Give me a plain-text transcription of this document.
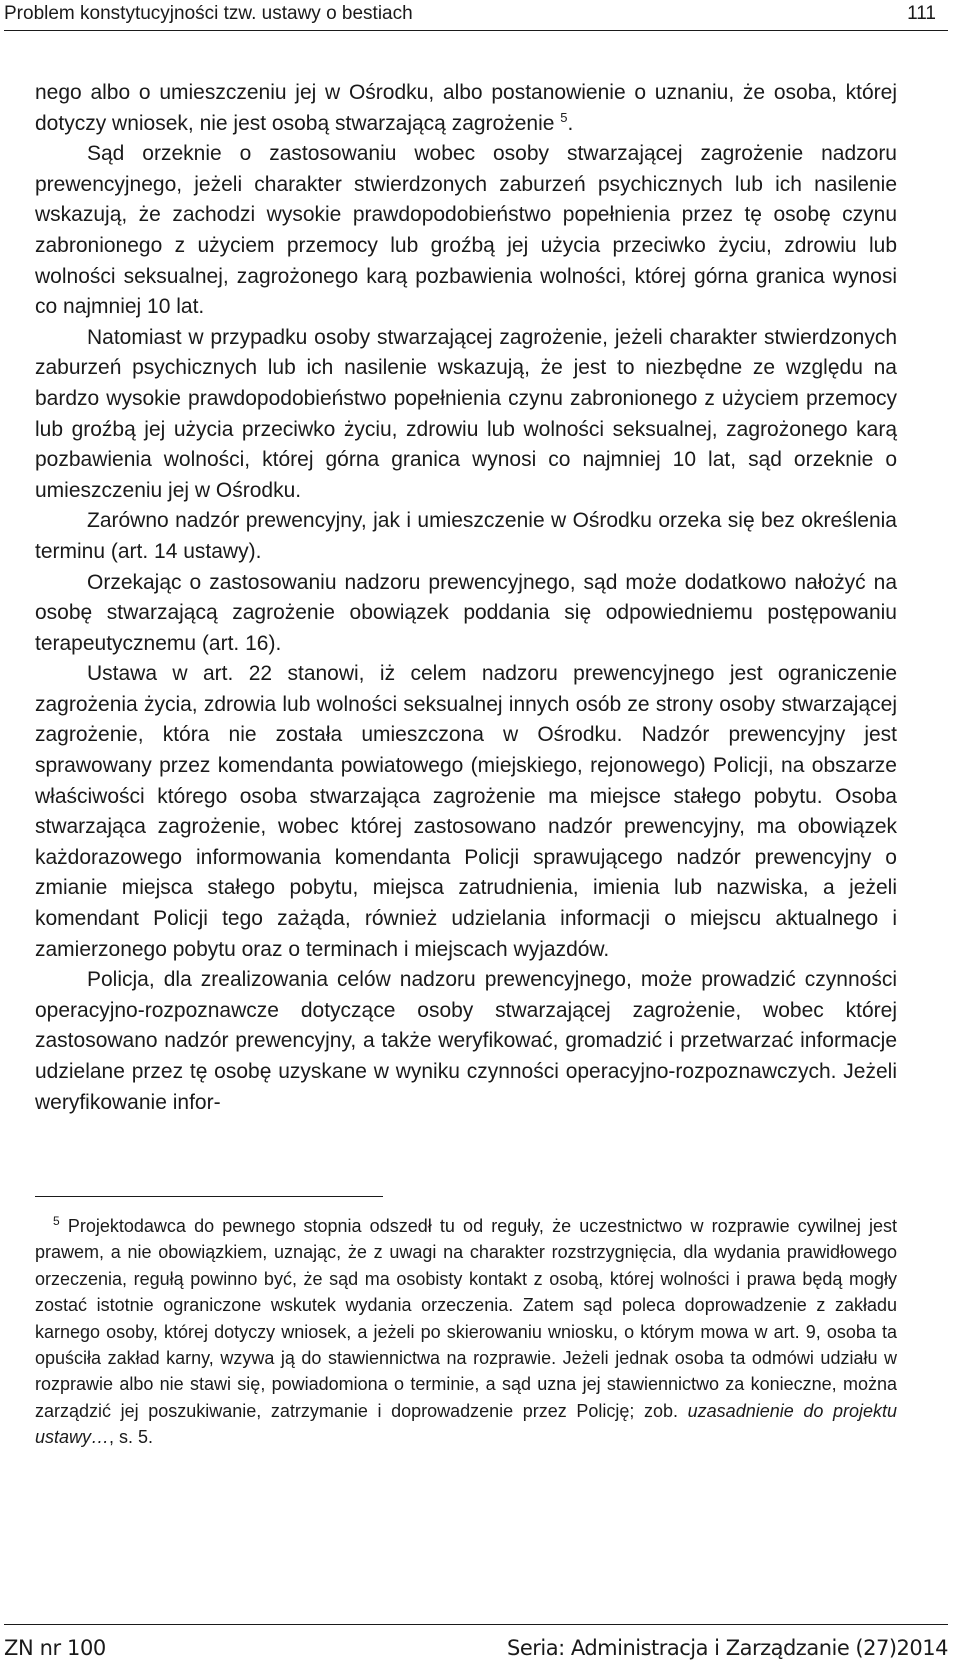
Problem konstytucyjności tzw. ustawy o bestiach	111

nego albo o umieszczeniu jej w Ośrodku, albo postanowienie o uznaniu, że osoba, której dotyczy wniosek, nie jest osobą stwarzającą zagrożenie $^5$.

Sąd orzeknie o zastosowaniu wobec osoby stwarzającej zagrożenie nadzoru prewencyjnego, jeżeli charakter stwierdzonych zaburzeń psychicznych lub ich nasilenie wskazują, że zachodzi wysokie prawdopodobieństwo popełnienia przez tę osobę czynu zabronionego z użyciem przemocy lub groźbą jej użycia przeciwko życiu, zdrowiu lub wolności seksualnej, zagrożonego karą pozbawienia wolności, której górna granica wynosi co najmniej 10 lat.

Natomiast w przypadku osoby stwarzającej zagrożenie, jeżeli charakter stwierdzonych zaburzeń psychicznych lub ich nasilenie wskazują, że jest to niezbędne ze względu na bardzo wysokie prawdopodobieństwo popełnienia czynu zabronionego z użyciem przemocy lub groźbą jej użycia przeciwko życiu, zdrowiu lub wolności seksualnej, zagrożonego karą pozbawienia wolności, której górna granica wynosi co najmniej 10 lat, sąd orzeknie o umieszczeniu jej w Ośrodku.

Zarówno nadzór prewencyjny, jak i umieszczenie w Ośrodku orzeka się bez określenia terminu (art. 14 ustawy).

Orzekając o zastosowaniu nadzoru prewencyjnego, sąd może dodatkowo nałożyć na osobę stwarzającą zagrożenie obowiązek poddania się odpowiedniemu postępowaniu terapeutycznemu (art. 16).

Ustawa w art. 22 stanowi, iż celem nadzoru prewencyjnego jest ograniczenie zagrożenia życia, zdrowia lub wolności seksualnej innych osób ze strony osoby stwarzającej zagrożenie, która nie została umieszczona w Ośrodku. Nadzór prewencyjny jest sprawowany przez komendanta powiatowego (miejskiego, rejonowego) Policji, na obszarze właściwości którego osoba stwarzająca zagrożenie ma miejsce stałego pobytu. Osoba stwarzająca zagrożenie, wobec której zastosowano nadzór prewencyjny, ma obowiązek każdorazowego informowania komendanta Policji sprawującego nadzór prewencyjny o zmianie miejsca stałego pobytu, miejsca zatrudnienia, imienia lub nazwiska, a jeżeli komendant Policji tego zażąda, również udzielania informacji o miejscu aktualnego i zamierzonego pobytu oraz o terminach i miejscach wyjazdów.

Policja, dla zrealizowania celów nadzoru prewencyjnego, może prowadzić czynności operacyjno-rozpoznawcze dotyczące osoby stwarzającej zagrożenie, wobec której zastosowano nadzór prewencyjny, a także weryfikować, gromadzić i przetwarzać informacje udzielane przez tę osobę uzyskane w wyniku czynności operacyjno-rozpoznawczych. Jeżeli weryfikowanie infor-

 $^5$ Projektodawca do pewnego stopnia odszedł tu od reguły, że uczestnictwo w rozprawie cywilnej jest prawem, a nie obowiązkiem, uznając, że z uwagi na charakter rozstrzygnięcia, dla wydania prawidłowego orzeczenia, regułą powinno być, że sąd ma osobisty kontakt z osobą, której wolności i prawa będą mogły zostać istotnie ograniczone wskutek wydania orzeczenia. Zatem sąd poleca doprowadzenie z zakładu karnego osoby, której dotyczy wniosek, a jeżeli po skierowaniu wniosku, o którym mowa w art. 9, osoba ta opuściła zakład karny, wzywa ją do stawiennictwa na rozprawie. Jeżeli jednak osoba ta odmówi udziału w rozprawie albo nie stawi się, powiadomiona o terminie, a sąd uzna jej stawiennictwo za konieczne, można zarządzić jej poszukiwanie, zatrzymanie i doprowadzenie przez Policję; zob. uzasadnienie do projektu ustawy…, s. 5.

ZN nr 100	Seria: Administracja i Zarządzanie (27)2014
